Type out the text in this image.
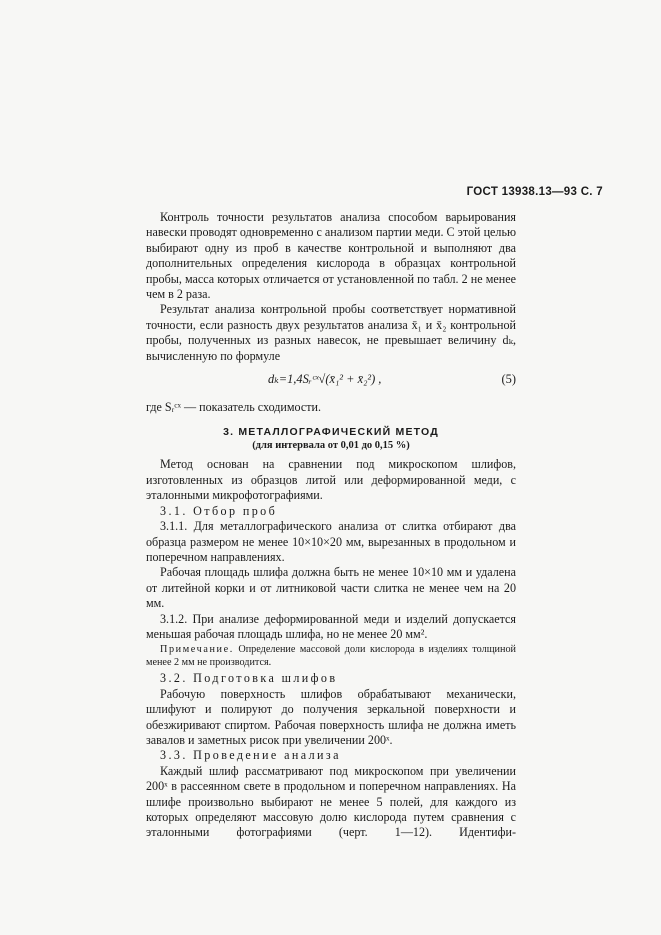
ГОСТ 13938.13—93 С. 7

Контроль точности результатов анализа способом варьирования навески проводят одновременно с анализом партии меди. С этой целью выбирают одну из проб в качестве контрольной и выполняют два дополнительных определения кислорода в образцах контрольной пробы, масса которых отличается от установленной по табл. 2 не менее чем в 2 раза.

Результат анализа контрольной пробы соответствует нормативной точности, если разность двух результатов анализа x̄₁ и x̄₂ контрольной пробы, полученных из разных навесок, не превышает величину dₖ, вычисленную по формуле

dₖ=1,4Sᵣᶜˣ√(x̄₁² + x̄₂²) ,	(5)

где Sᵣᶜˣ — показатель сходимости.

3. МЕТАЛЛОГРАФИЧЕСКИЙ МЕТОД
(для интервала от 0,01 до 0,15 %)

Метод основан на сравнении под микроскопом шлифов, изготовленных из образцов литой или деформированной меди, с эталонными микрофотографиями.

3.1. Отбор проб

3.1.1. Для металлографического анализа от слитка отбирают два образца размером не менее 10×10×20 мм, вырезанных в продольном и поперечном направлениях.

Рабочая площадь шлифа должна быть не менее 10×10 мм и удалена от литейной корки и от литниковой части слитка не менее чем на 20 мм.

3.1.2. При анализе деформированной меди и изделий допускается меньшая рабочая площадь шлифа, но не менее 20 мм².

Примечание. Определение массовой доли кислорода в изделиях толщиной менее 2 мм не производится.

3.2. Подготовка шлифов

Рабочую поверхность шлифов обрабатывают механически, шлифуют и полируют до получения зеркальной поверхности и обезжиривают спиртом. Рабочая поверхность шлифа не должна иметь завалов и заметных рисок при увеличении 200ˣ.

3.3. Проведение анализа

Каждый шлиф рассматривают под микроскопом при увеличении 200ˣ в рассеянном свете в продольном и поперечном направлениях. На шлифе произвольно выбирают не менее 5 полей, для каждого из которых определяют массовую долю кислорода путем сравнения с эталонными фотографиями (черт. 1—12). Идентифи-
